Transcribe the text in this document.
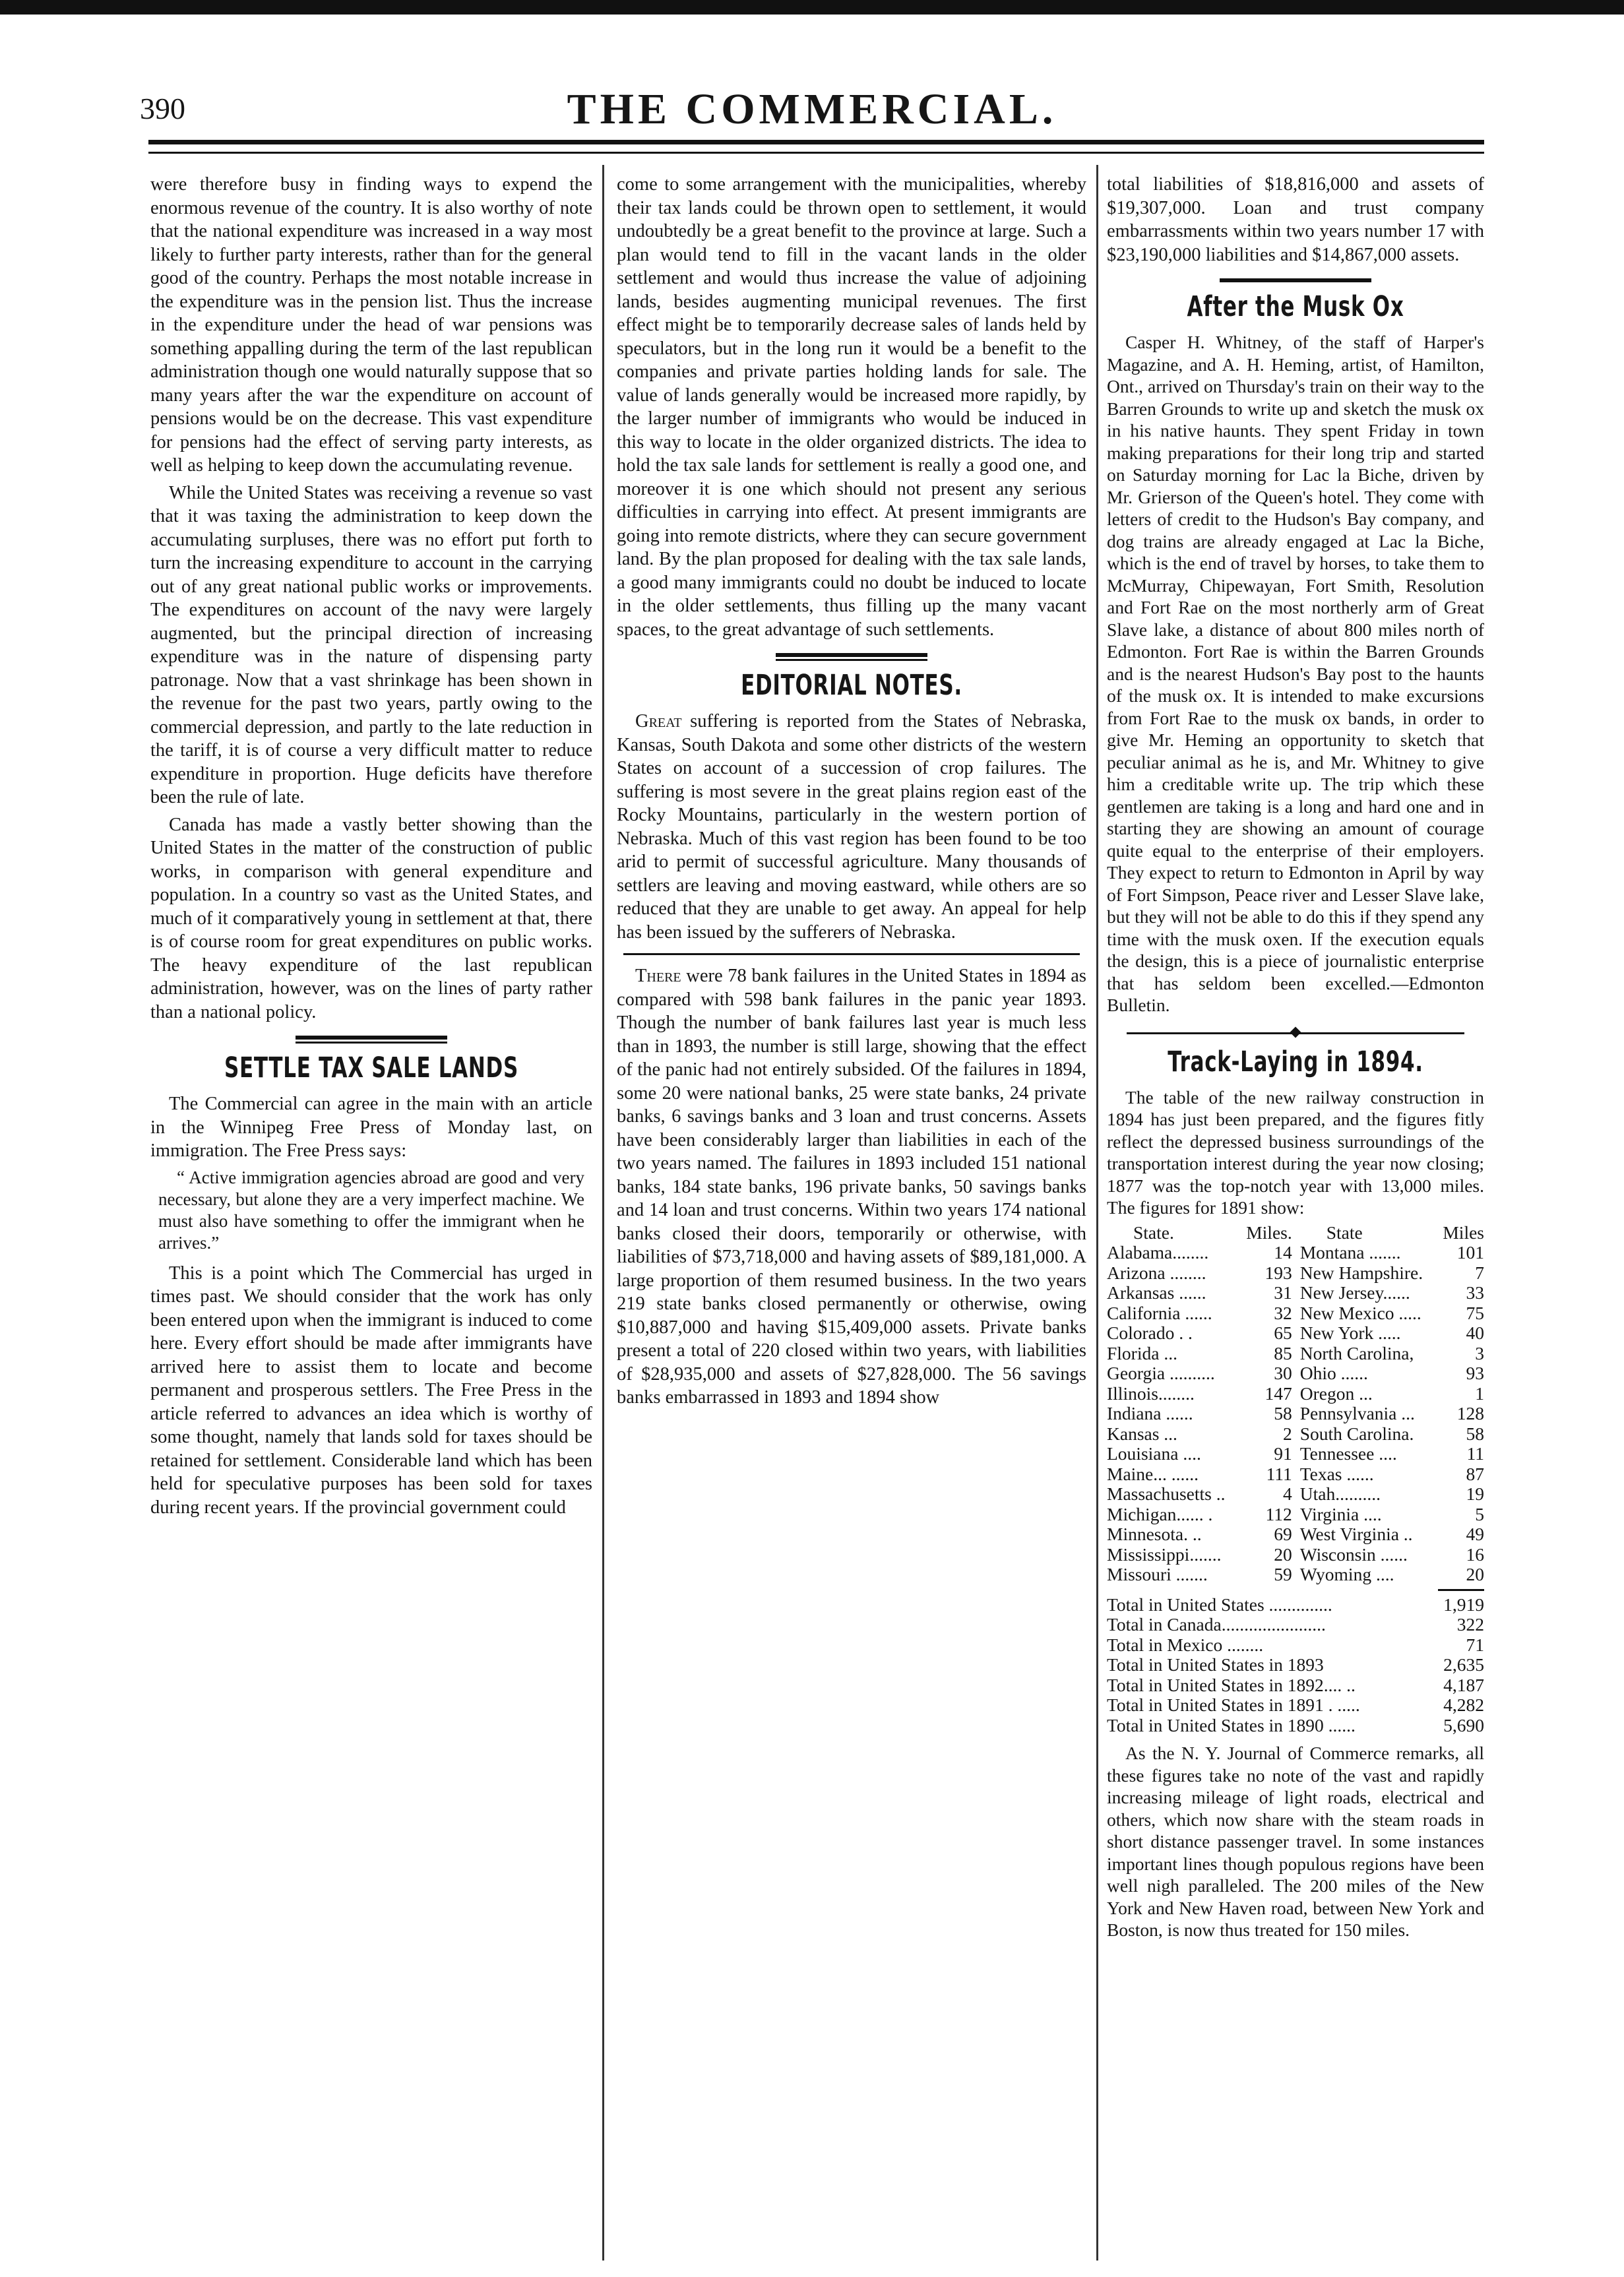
390	THE COMMERCIAL.

were therefore busy in finding ways to expend the enormous revenue of the country. It is also worthy of note that the national expenditure was increased in a way most likely to further party interests, rather than for the general good of the country. Perhaps the most notable increase in the expenditure was in the pension list. Thus the increase in the expenditure under the head of war pensions was something appalling during the term of the last republican administration though one would naturally suppose that so many years after the war the expenditure on account of pensions would be on the decrease. This vast expenditure for pensions had the effect of serving party interests, as well as helping to keep down the accumulating revenue.

While the United States was receiving a revenue so vast that it was taxing the administration to keep down the accumulating surpluses, there was no effort put forth to turn the increasing expenditure to account in the carrying out of any great national public works or improvements. The expenditures on account of the navy were largely augmented, but the principal direction of increasing expenditure was in the nature of dispensing party patronage. Now that a vast shrinkage has been shown in the revenue for the past two years, partly owing to the commercial depression, and partly to the late reduction in the tariff, it is of course a very difficult matter to reduce expenditure in proportion. Huge deficits have therefore been the rule of late.

Canada has made a vastly better showing than the United States in the matter of the construction of public works, in comparison with general expenditure and population. In a country so vast as the United States, and much of it comparatively young in settlement at that, there is of course room for great expenditures on public works. The heavy expenditure of the last republican administration, however, was on the lines of party rather than a national policy.

SETTLE TAX SALE LANDS

The Commercial can agree in the main with an article in the Winnipeg Free Press of Monday last, on immigration. The Free Press says:

“ Active immigration agencies abroad are good and very necessary, but alone they are a very imperfect machine. We must also have something to offer the immigrant when he arrives.”

This is a point which The Commercial has urged in times past. We should consider that the work has only been entered upon when the immigrant is induced to come here. Every effort should be made after immigrants have arrived here to assist them to locate and become permanent and prosperous settlers. The Free Press in the article referred to advances an idea which is worthy of some thought, namely that lands sold for taxes should be retained for settlement. Considerable land which has been held for speculative purposes has been sold for taxes during recent years. If the provincial government could

come to some arrangement with the municipalities, whereby their tax lands could be thrown open to settlement, it would undoubtedly be a great benefit to the province at large. Such a plan would tend to fill in the vacant lands in the older settlement and would thus increase the value of adjoining lands, besides augmenting municipal revenues. The first effect might be to temporarily decrease sales of lands held by speculators, but in the long run it would be a benefit to the companies and private parties holding lands for sale. The value of lands generally would be increased more rapidly, by the larger number of immigrants who would be induced in this way to locate in the older organized districts. The idea to hold the tax sale lands for settlement is really a good one, and moreover it is one which should not present any serious difficulties in carrying into effect. At present immigrants are going into remote districts, where they can secure government land. By the plan proposed for dealing with the tax sale lands, a good many immigrants could no doubt be induced to locate in the older settlements, thus filling up the many vacant spaces, to the great advantage of such settlements.

EDITORIAL NOTES.

Great suffering is reported from the States of Nebraska, Kansas, South Dakota and some other districts of the western States on account of a succession of crop failures. The suffering is most severe in the great plains region east of the Rocky Mountains, particularly in the western portion of Nebraska. Much of this vast region has been found to be too arid to permit of successful agriculture. Many thousands of settlers are leaving and moving eastward, while others are so reduced that they are unable to get away. An appeal for help has been issued by the sufferers of Nebraska.

There were 78 bank failures in the United States in 1894 as compared with 598 bank failures in the panic year 1893. Though the number of bank failures last year is much less than in 1893, the number is still large, showing that the effect of the panic had not entirely subsided. Of the failures in 1894, some 20 were national banks, 25 were state banks, 24 private banks, 6 savings banks and 3 loan and trust concerns. Assets have been considerably larger than liabilities in each of the two years named. The failures in 1893 included 151 national banks, 184 state banks, 196 private banks, 50 savings banks and 14 loan and trust concerns. Within two years 174 national banks closed their doors, temporarily or otherwise, with liabilities of $73,718,000 and having assets of $89,181,000. A large proportion of them resumed business. In the two years 219 state banks closed permanently or otherwise, owing $10,887,000 and having $15,409,000 assets. Private banks present a total of 220 closed within two years, with liabilities of $28,935,000 and assets of $27,828,000. The 56 savings banks embarrassed in 1893 and 1894 show

total liabilities of $18,816,000 and assets of $19,307,000. Loan and trust company embarrassments within two years number 17 with $23,190,000 liabilities and $14,867,000 assets.

After the Musk Ox

Casper H. Whitney, of the staff of Harper's Magazine, and A. H. Heming, artist, of Hamilton, Ont., arrived on Thursday's train on their way to the Barren Grounds to write up and sketch the musk ox in his native haunts. They spent Friday in town making preparations for their long trip and started on Saturday morning for Lac la Biche, driven by Mr. Grierson of the Queen's hotel. They come with letters of credit to the Hudson's Bay company, and dog trains are already engaged at Lac la Biche, which is the end of travel by horses, to take them to McMurray, Chipewayan, Fort Smith, Resolution and Fort Rae on the most northerly arm of Great Slave lake, a distance of about 800 miles north of Edmonton. Fort Rae is within the Barren Grounds and is the nearest Hudson's Bay post to the haunts of the musk ox. It is intended to make excursions from Fort Rae to the musk ox bands, in order to give Mr. Heming an opportunity to sketch that peculiar animal as he is, and Mr. Whitney to give him a creditable write up. The trip which these gentlemen are taking is a long and hard one and in starting they are showing an amount of courage quite equal to the enterprise of their employers. They expect to return to Edmonton in April by way of Fort Simpson, Peace river and Lesser Slave lake, but they will not be able to do this if they spend any time with the musk oxen. If the execution equals the design, this is a piece of journalistic enterprise that has seldom been excelled.—Edmonton Bulletin.

Track-Laying in 1894.

The table of the new railway construction in 1894 has just been prepared, and the figures fitly reflect the depressed business surroundings of the transportation interest during the year now closing; 1877 was the top-notch year with 13,000 miles. The figures for 1891 show:

State.	Miles.	State	Miles
Alabama........	14	Montana .......	101
Arizona ........	193	New Hampshire.	7
Arkansas ......	31	New Jersey......	33
California ......	32	New Mexico .....	75
Colorado . .	65	New York .....	40
Florida ...	85	North Carolina,	3
Georgia ..........	30	Ohio ......	93
Illinois........	147	Oregon ...	1
Indiana ......	58	Pennsylvania ...	128
Kansas ...	2	South Carolina.	58
Louisiana ....	91	Tennessee ....	11
Maine... ......	111	Texas ......	87
Massachusetts ..	4	Utah..........	19
Michigan...... .	112	Virginia ....	5
Minnesota. ..	69	West Virginia ..	49
Mississippi.......	20	Wisconsin ......	16
Missouri .......	59	Wyoming ....	20
Total in United States ..............	1,919
Total in Canada.......................	322
Total in Mexico ........	71
Total in United States in 1893	2,635
Total in United States in 1892.... ..	4,187
Total in United States in 1891 . .....	4,282
Total in United States in 1890 ......	5,690

As the N. Y. Journal of Commerce remarks, all these figures take no note of the vast and rapidly increasing mileage of light roads, electrical and others, which now share with the steam roads in short distance passenger travel. In some instances important lines though populous regions have been well nigh paralleled. The 200 miles of the New York and New Haven road, between New York and Boston, is now thus treated for 150 miles.
